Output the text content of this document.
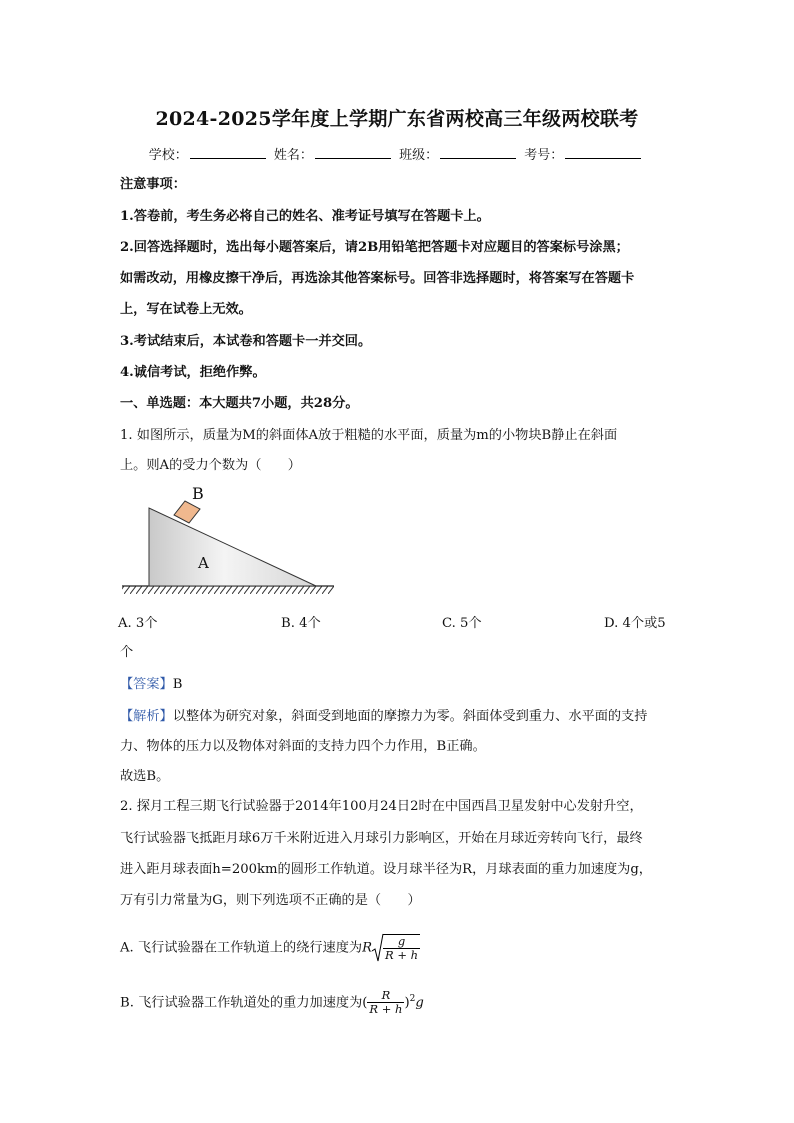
2024-2025学年度上学期广东省两校高三年级两校联考
学校：	姓名：	班级：	考号：
注意事项：
1.答卷前，考生务必将自己的姓名、准考证号填写在答题卡上。
2.回答选择题时，选出每小题答案后，请2B用铅笔把答题卡对应题目的答案标号涂黑；
如需改动，用橡皮擦干净后，再选涂其他答案标号。回答非选择题时，将答案写在答题卡
上，写在试卷上无效。
3.考试结束后，本试卷和答题卡一并交回。
4.诚信考试，拒绝作弊。
一、单选题：本大题共7小题，共28分。
1. 如图所示，质量为M的斜面体A放于粗糙的水平面，质量为m的小物块B静止在斜面
上。则A的受力个数为（　　）
B
A
A. 3个	B. 4个	C. 5个	D. 4个或5
个
【答案】B
【解析】以整体为研究对象，斜面受到地面的摩擦力为零。斜面体受到重力、水平面的支持
力、物体的压力以及物体对斜面的支持力四个力作用，B正确。
故选B。
2. 探月工程三期飞行试验器于2014年100月24日2时在中国西昌卫星发射中心发射升空，
飞行试验器飞抵距月球6万千米附近进入月球引力影响区，开始在月球近旁转向飞行，最终
进入距月球表面h=200km的圆形工作轨道。设月球半径为R，月球表面的重力加速度为g，
万有引力常量为G，则下列选项不正确的是（　　）
A. 飞行试验器在工作轨道上的绕行速度为R $\frac{g}{R + h}$
B. 飞行试验器工作轨道处的重力加速度为( $\frac{R}{R + h} )^2g$
